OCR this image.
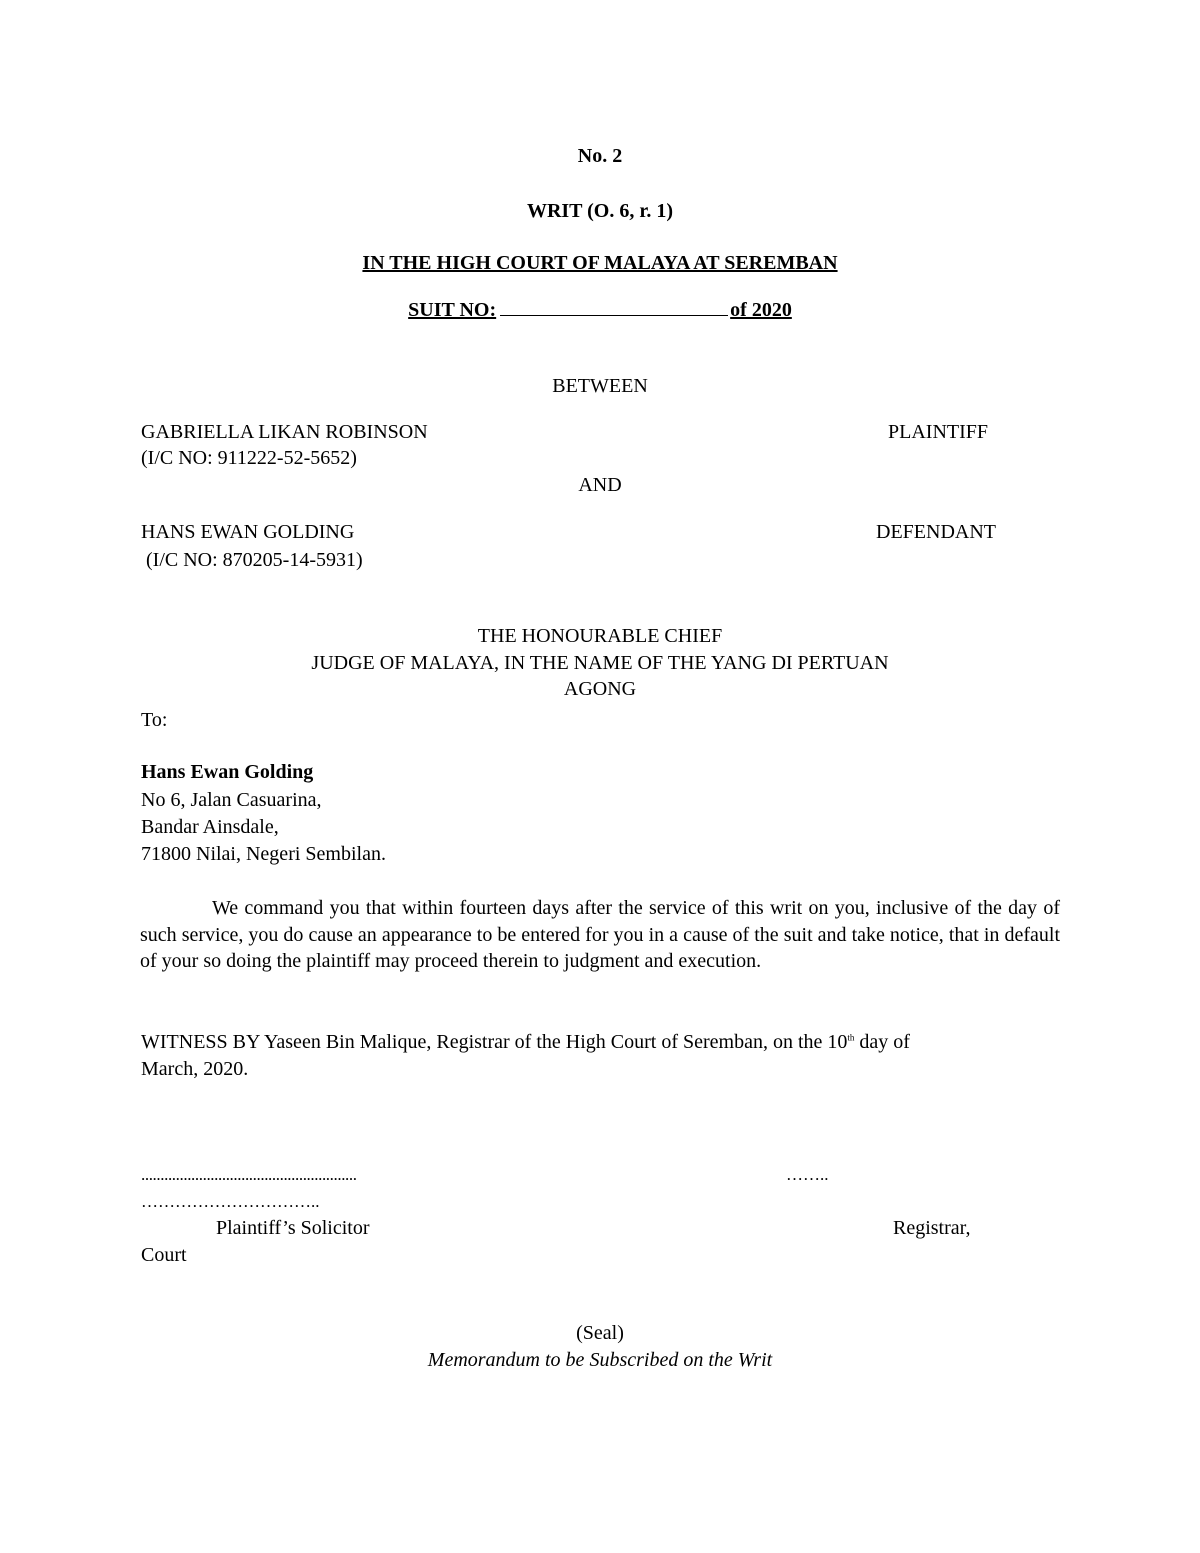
No. 2
WRIT (O. 6, r. 1)
IN THE HIGH COURT OF MALAYA AT SEREMBAN
SUIT NO:	of 2020
BETWEEN
GABRIELLA LIKAN ROBINSON	PLAINTIFF
(I/C NO: 911222-52-5652)
AND
HANS EWAN GOLDING	DEFENDANT
(I/C NO: 870205-14-5931)
THE HONOURABLE CHIEF
JUDGE OF MALAYA, IN THE NAME OF THE YANG DI PERTUAN
AGONG
To:
Hans Ewan Golding
No 6, Jalan Casuarina,
Bandar Ainsdale,
71800 Nilai, Negeri Sembilan.
We command you that within fourteen days after the service of this writ on you, inclusive of the day of such service, you do cause an appearance to be entered for you in a cause of the suit and take notice, that in default of your so doing the plaintiff may proceed therein to judgment and execution.
WITNESS BY Yaseen Bin Malique, Registrar of the High Court of Seremban, on the 10th day of
March, 2020.
........................................................	……..
…………………………..
Plaintiff’s Solicitor	Registrar,
Court
(Seal)
Memorandum to be Subscribed on the Writ
